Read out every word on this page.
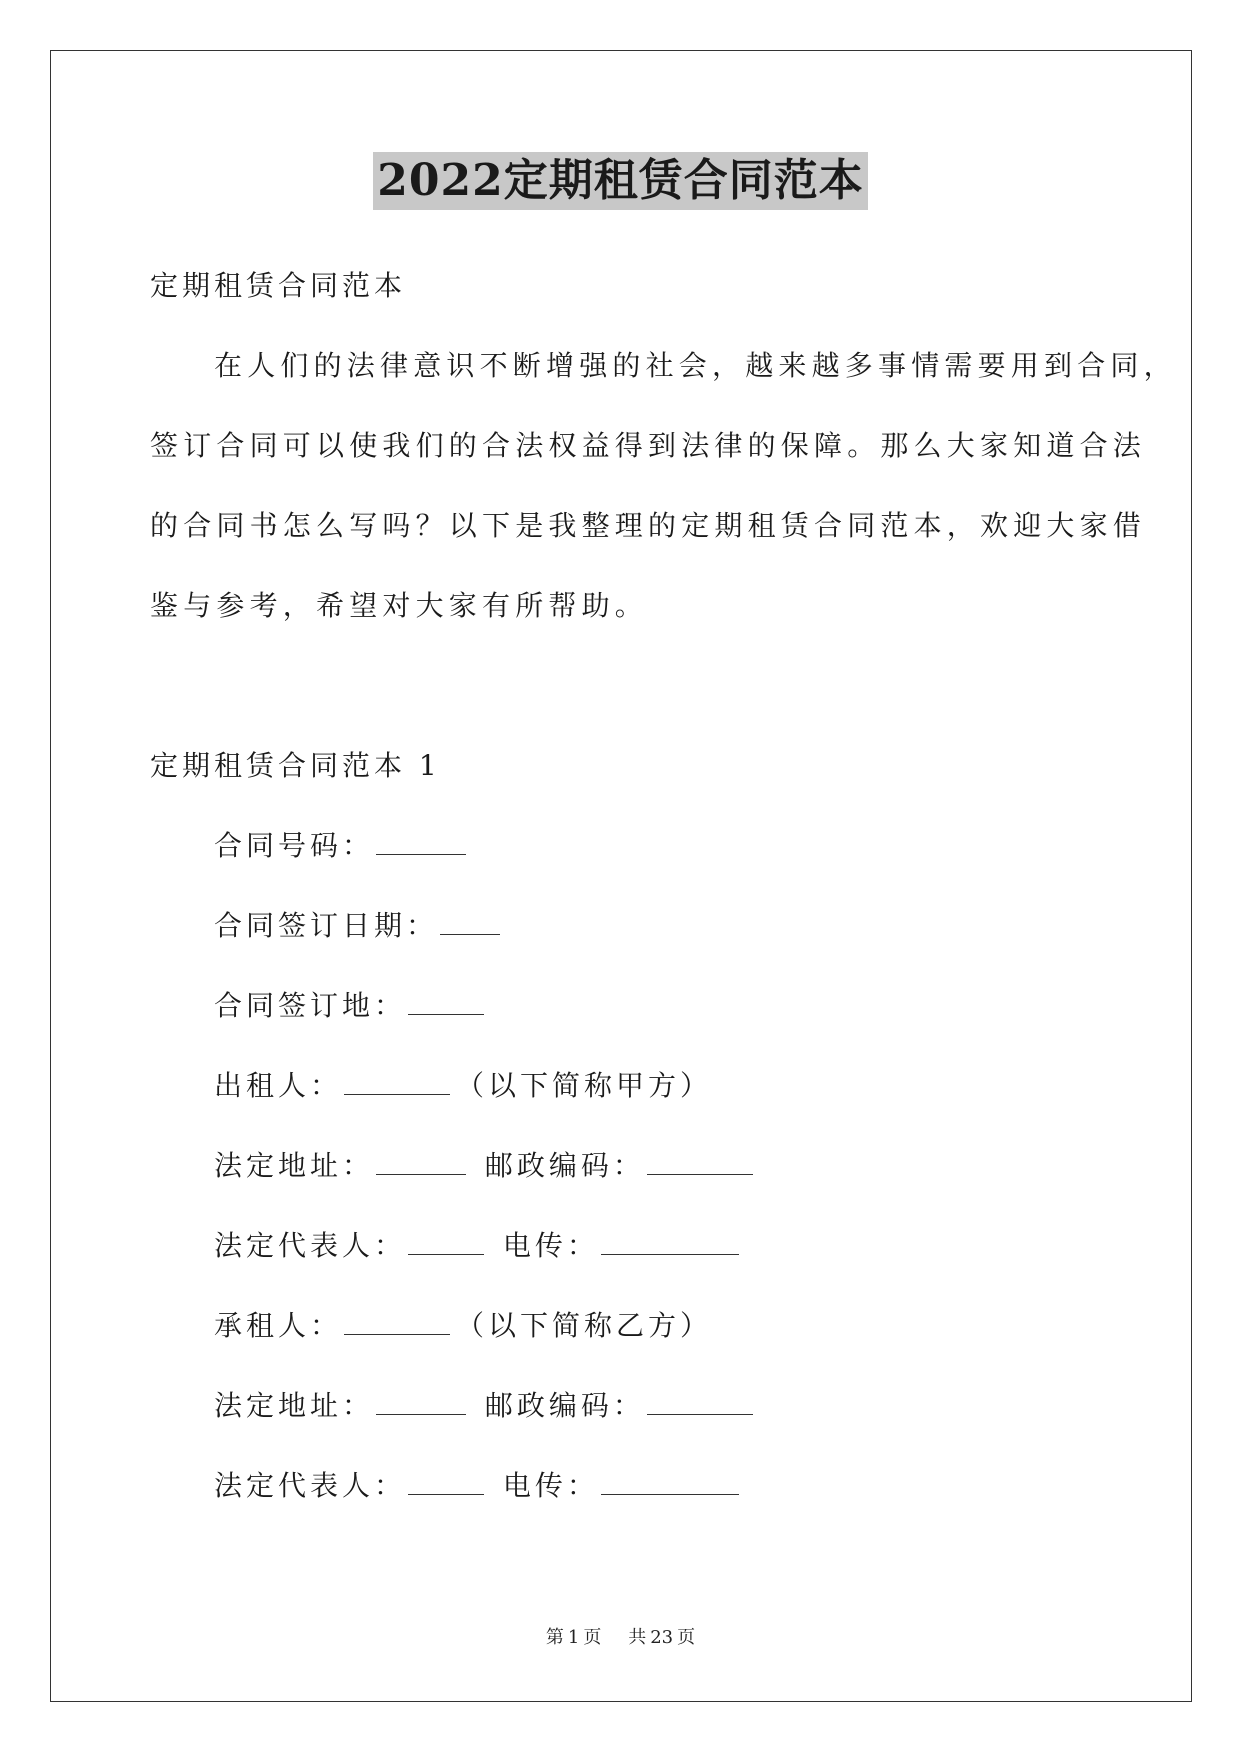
2022定期租赁合同范本
定期租赁合同范本
在人们的法律意识不断增强的社会，越来越多事情需要用到合同，
签订合同可以使我们的合法权益得到法律的保障。那么大家知道合法
的合同书怎么写吗？以下是我整理的定期租赁合同范本，欢迎大家借
鉴与参考，希望对大家有所帮助。
定期租赁合同范本 1
合同号码：
合同签订日期：
合同签订地：
出租人：	（以下简称甲方）
法定地址：	邮政编码：
法定代表人：	电传：
承租人：	（以下简称乙方）
法定地址：	邮政编码：
法定代表人：	电传：
第 1 页 共 23 页
